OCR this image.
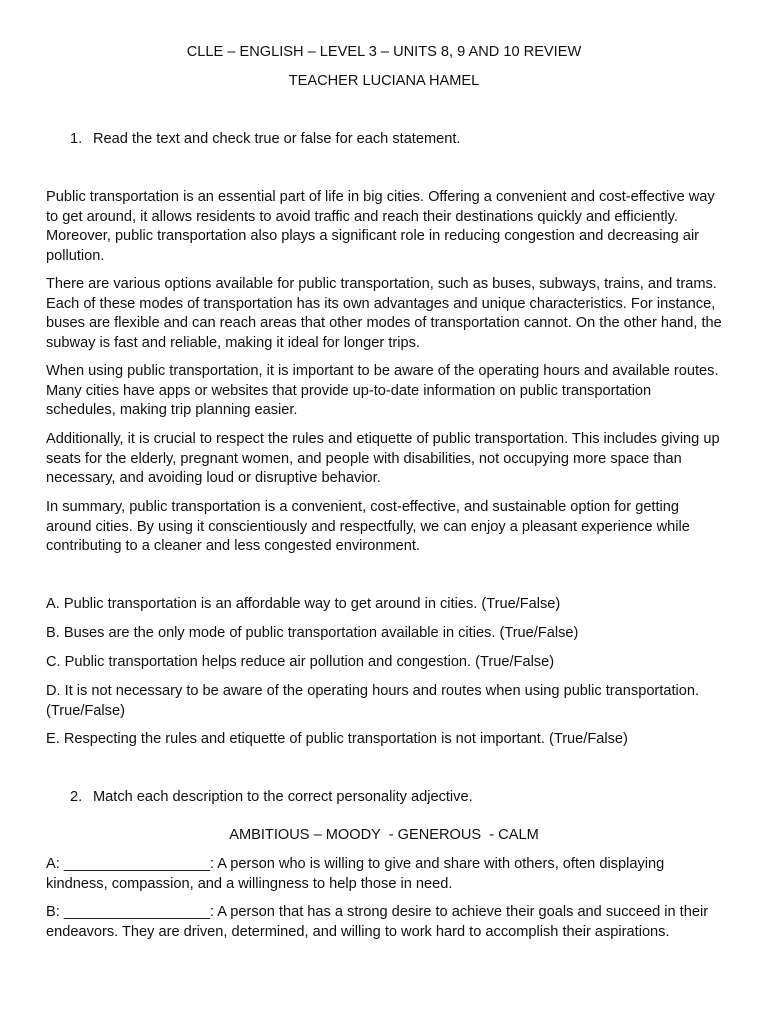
CLLE – ENGLISH – LEVEL 3 – UNITS 8, 9 AND 10 REVIEW

TEACHER LUCIANA HAMEL

1. Read the text and check true or false for each statement.

Public transportation is an essential part of life in big cities. Offering a convenient and cost-effective way to get around, it allows residents to avoid traffic and reach their destinations quickly and efficiently. Moreover, public transportation also plays a significant role in reducing congestion and decreasing air pollution.

There are various options available for public transportation, such as buses, subways, trains, and trams. Each of these modes of transportation has its own advantages and unique characteristics. For instance, buses are flexible and can reach areas that other modes of transportation cannot. On the other hand, the subway is fast and reliable, making it ideal for longer trips.

When using public transportation, it is important to be aware of the operating hours and available routes. Many cities have apps or websites that provide up-to-date information on public transportation schedules, making trip planning easier.

Additionally, it is crucial to respect the rules and etiquette of public transportation. This includes giving up seats for the elderly, pregnant women, and people with disabilities, not occupying more space than necessary, and avoiding loud or disruptive behavior.

In summary, public transportation is a convenient, cost-effective, and sustainable option for getting around cities. By using it conscientiously and respectfully, we can enjoy a pleasant experience while contributing to a cleaner and less congested environment.

A. Public transportation is an affordable way to get around in cities. (True/False)

B. Buses are the only mode of public transportation available in cities. (True/False)

C. Public transportation helps reduce air pollution and congestion. (True/False)

D. It is not necessary to be aware of the operating hours and routes when using public transportation. (True/False)

E. Respecting the rules and etiquette of public transportation is not important. (True/False)

2. Match each description to the correct personality adjective.

AMBITIOUS – MOODY  - GENEROUS  - CALM

A: __________________: A person who is willing to give and share with others, often displaying kindness, compassion, and a willingness to help those in need.

B: __________________: A person that has a strong desire to achieve their goals and succeed in their endeavors. They are driven, determined, and willing to work hard to accomplish their aspirations.
